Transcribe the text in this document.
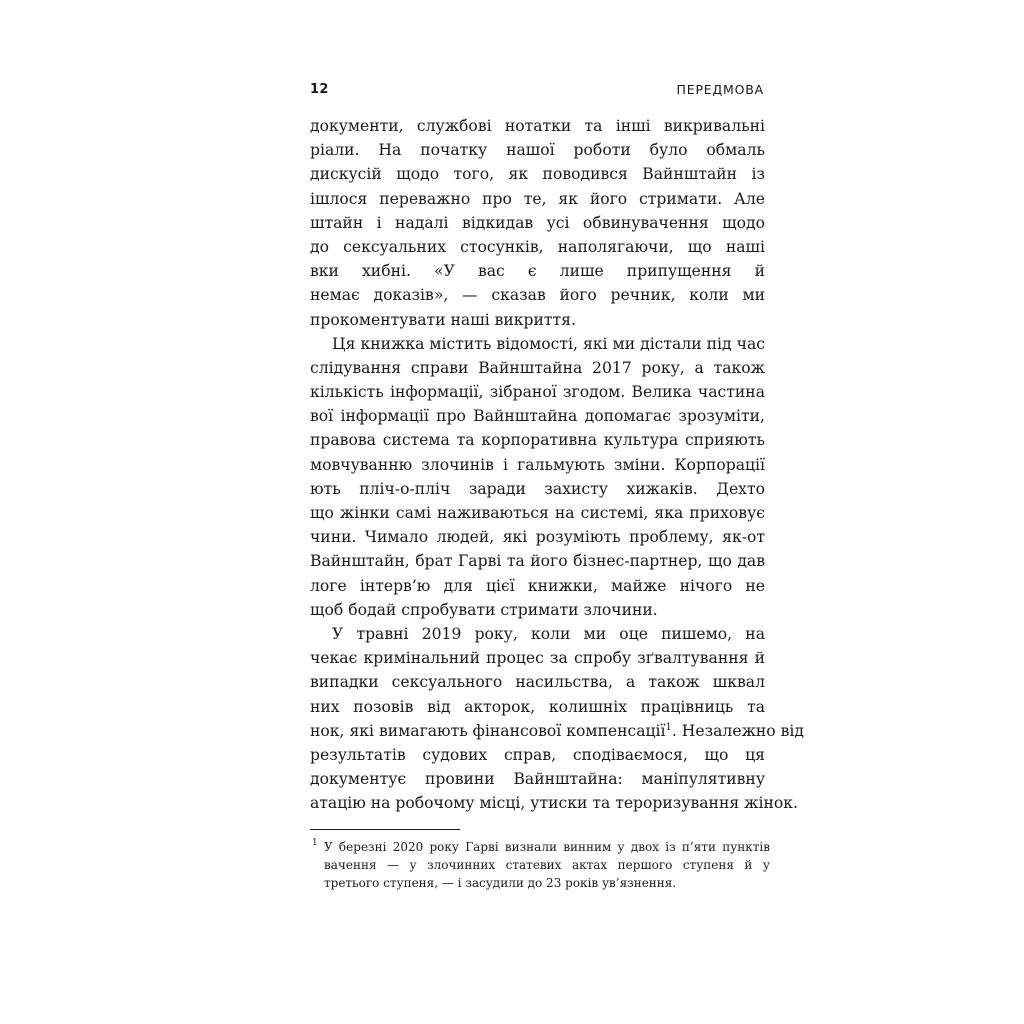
12	ПЕРЕДМОВА
документи, службові нотатки та інші викривальні
ріали. На початку нашої роботи було обмаль
дискусій щодо того, як поводився Вайнштайн із
ішлося переважно про те, як його стримати. Але
штайн і надалі відкидав усі обвинувачення щодо
до сексуальних стосунків, наполягаючи, що наші
вки хибні. «У вас є лише припущення й
немає доказів», — сказав його речник, коли ми
прокоментувати наші викриття.
Ця книжка містить відомості, які ми дістали під час
слідування справи Вайнштайна 2017 року, а також
кількість інформації, зібраної згодом. Велика частина
вої інформації про Вайнштайна допомагає зрозуміти,
правова система та корпоративна культура сприяють
мовчуванню злочинів і гальмують зміни. Корпорації
ють пліч-о-пліч заради захисту хижаків. Дехто
що жінки самі наживаються на системі, яка приховує
чини. Чимало людей, які розуміють проблему, як-от
Вайнштайн, брат Гарві та його бізнес-партнер, що дав
логе інтерв’ю для цієї книжки, майже нічого не
щоб бодай спробувати стримати злочини.
У травні 2019 року, коли ми оце пишемо, на
чекає кримінальний процес за спробу зґвалтування й
випадки сексуального насильства, а також шквал
них позовів від акторок, колишніх працівниць та
нок, які вимагають фінансової компенсації$^1$. Незалежно від
результатів судових справ, сподіваємося, що ця
документує провини Вайнштайна: маніпулятивну
атацію на робочому місці, утиски та тероризування жінок.
1 У березні 2020 року Гарві визнали винним у двох із п’яти пунктів
вачення — у злочинних статевих актах першого ступеня й у
третього ступеня, — і засудили до 23 років ув’язнення.
